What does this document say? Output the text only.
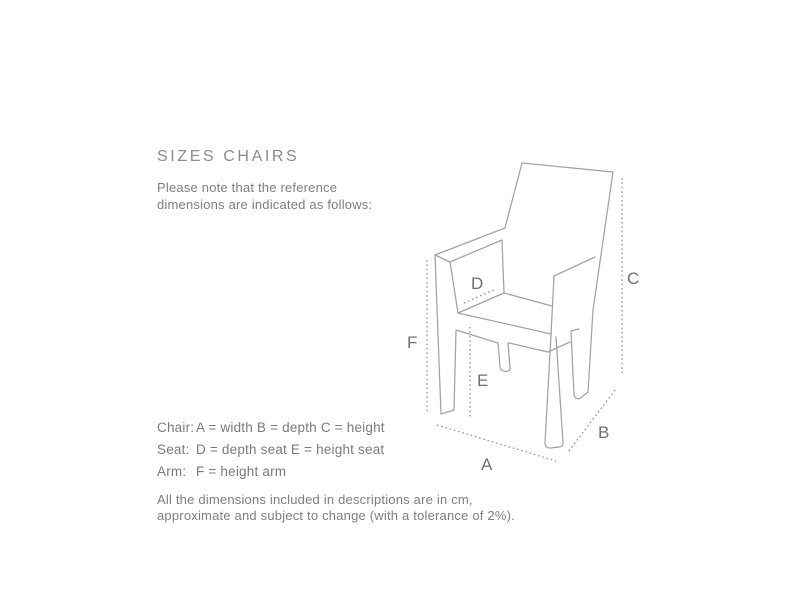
SIZES CHAIRS

Please note that the reference
dimensions are indicated as follows:

C
B
A
F
E
D
Chair: A = width B = depth C = height
Seat: D = depth seat E = height seat
Arm: F = height arm

All the dimensions included in descriptions are in cm,
approximate and subject to change (with a tolerance of 2%).
